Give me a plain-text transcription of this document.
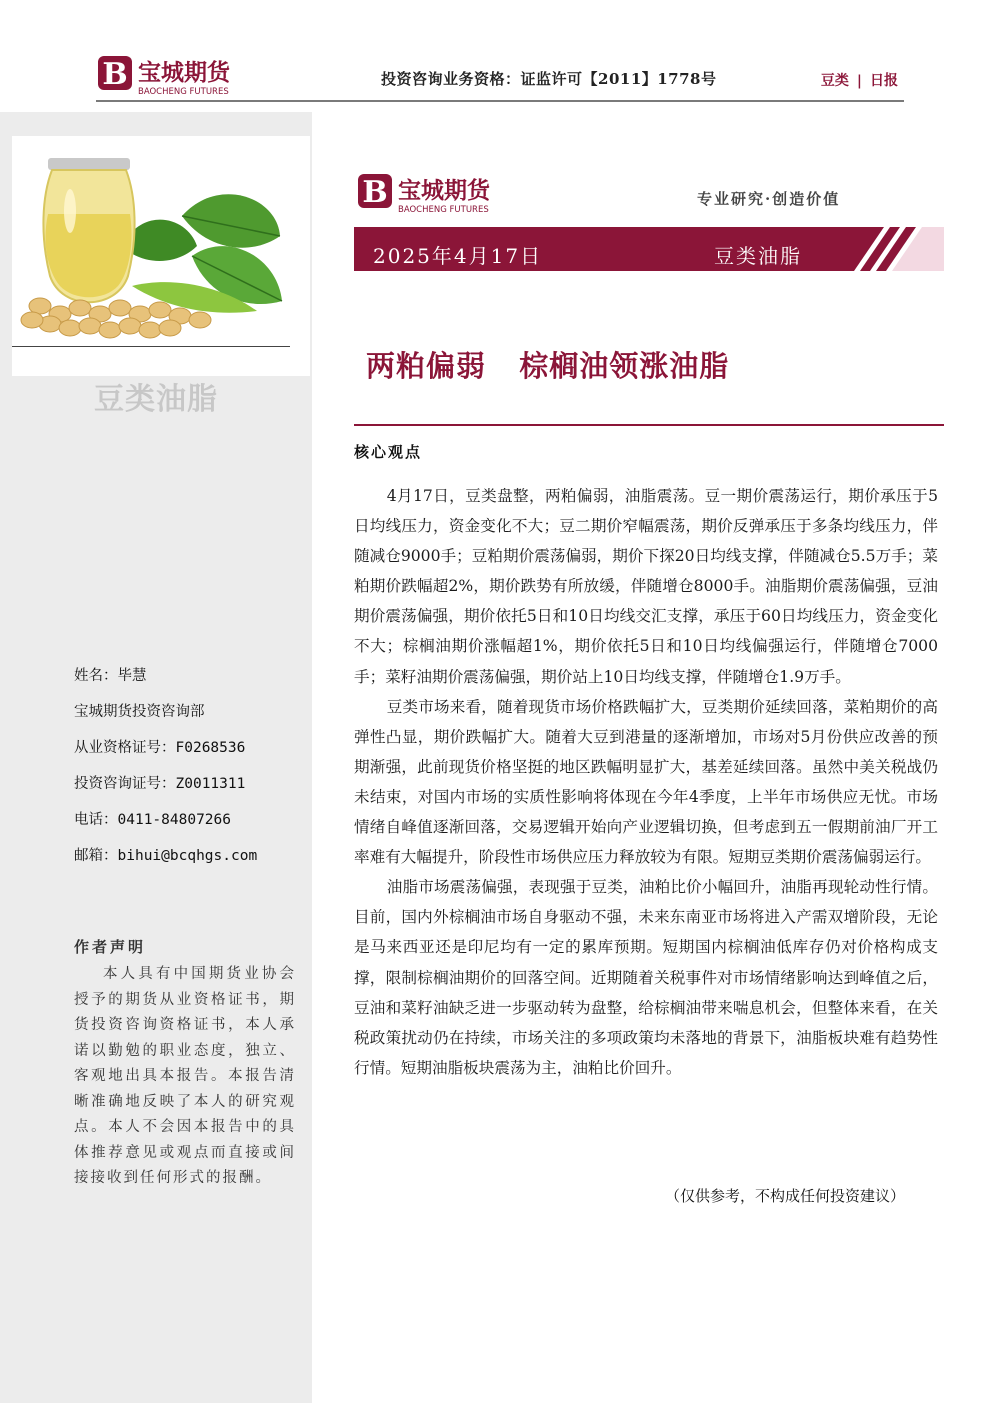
B 宝城期货
BAOCHENG FUTURES
投资咨询业务资格：证监许可【2011】1778号	豆类 | 日报
豆类油脂
姓名：毕慧
宝城期货投资咨询部
从业资格证号：F0268536
投资咨询证号：Z0011311
电话：0411-84807266
邮箱：bihui@bcqhgs.com
作者声明
本人具有中国期货业协会授予的期货从业资格证书，期货投资咨询资格证书，本人承诺以勤勉的职业态度，独立、客观地出具本报告。本报告清晰准确地反映了本人的研究观点。本人不会因本报告中的具体推荐意见或观点而直接或间接接收到任何形式的报酬。
B 宝城期货
BAOCHENG FUTURES
专业研究·创造价值
2025年4月17日	豆类油脂
两粕偏弱   棕榈油领涨油脂
核心观点

4月17日，豆类盘整，两粕偏弱，油脂震荡。豆一期价震荡运行，期价承压于5日均线压力，资金变化不大；豆二期价窄幅震荡，期价反弹承压于多条均线压力，伴随减仓9000手；豆粕期价震荡偏弱，期价下探20日均线支撑，伴随减仓5.5万手；菜粕期价跌幅超2%，期价跌势有所放缓，伴随增仓8000手。油脂期价震荡偏强，豆油期价震荡偏强，期价依托5日和10日均线交汇支撑，承压于60日均线压力，资金变化不大；棕榈油期价涨幅超1%，期价依托5日和10日均线偏强运行，伴随增仓7000手；菜籽油期价震荡偏强，期价站上10日均线支撑，伴随增仓1.9万手。

豆类市场来看，随着现货市场价格跌幅扩大，豆类期价延续回落，菜粕期价的高弹性凸显，期价跌幅扩大。随着大豆到港量的逐渐增加，市场对5月份供应改善的预期渐强，此前现货价格坚挺的地区跌幅明显扩大，基差延续回落。虽然中美关税战仍未结束，对国内市场的实质性影响将体现在今年4季度，上半年市场供应无忧。市场情绪自峰值逐渐回落，交易逻辑开始向产业逻辑切换，但考虑到五一假期前油厂开工率难有大幅提升，阶段性市场供应压力释放较为有限。短期豆类期价震荡偏弱运行。

油脂市场震荡偏强，表现强于豆类，油粕比价小幅回升，油脂再现轮动性行情。目前，国内外棕榈油市场自身驱动不强，未来东南亚市场将进入产需双增阶段，无论是马来西亚还是印尼均有一定的累库预期。短期国内棕榈油低库存仍对价格构成支撑，限制棕榈油期价的回落空间。近期随着关税事件对市场情绪影响达到峰值之后，豆油和菜籽油缺乏进一步驱动转为盘整，给棕榈油带来喘息机会，但整体来看，在关税政策扰动仍在持续，市场关注的多项政策均未落地的背景下，油脂板块难有趋势性行情。短期油脂板块震荡为主，油粕比价回升。

（仅供参考，不构成任何投资建议）
